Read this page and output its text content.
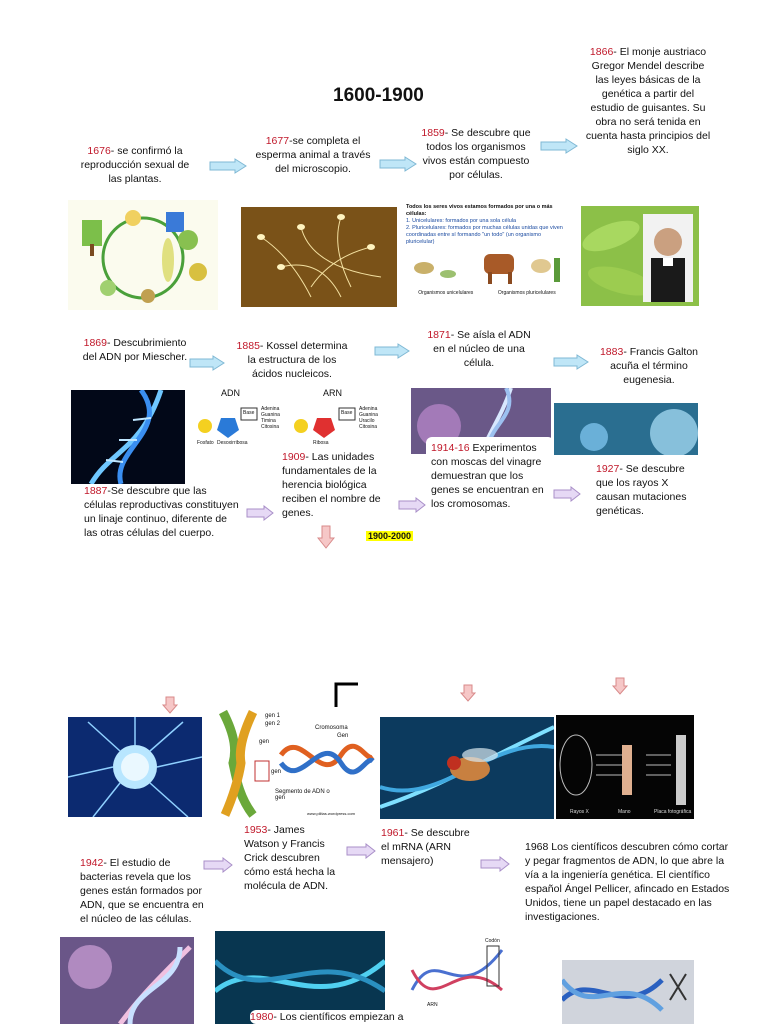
1600-1900
1900-2000
1676- se confirmó la reproducción sexual de las plantas.
1677-se completa el esperma animal a través del microscopio.
1859- Se descubre que todos los organismos vivos están compuesto por células.
1866- El monje austriaco Gregor Mendel describe las leyes básicas de la genética a partir del estudio de guisantes. Su obra no será tenida en cuenta hasta principios del siglo XX.
Todos los seres vivos estamos formados por una o más células:
1. Unicelulares: formados por una sola célula
2. Pluricelulares: formados por muchas células unidas que viven coordinadas entre sí formando "un todo" (un organismo pluricelular)
Organismos unicelulares	Organismos pluricelulares
1869- Descubrimiento del ADN por Miescher.
1885- Kossel determina la estructura de los ácidos nucleicos.
1871- Se aísla el ADN en el núcleo de una célula.
1883- Francis Galton acuña el término eugenesia.
ADN	ARN
Base	Base
Fosfato Desoxirribosa	Ribosa
Adenina
Guanina
Timina
Citosina
Adenina
Guanina
Uracilo
Citosina
1887-Se descubre que las células reproductivas constituyen un linaje continuo, diferente de las otras células del cuerpo.
1909- Las unidades fundamentales de la herencia biológica reciben el nombre de genes.
1914-16 Experimentos con moscas del vinagre demuestran que los genes se encuentran en los cromosomas.
1927- Se descubre que los rayos X causan mutaciones genéticas.
gen 1
gen 2
gen
gen
Cromosoma
Gen
Segmento de ADN o gen
www.pilitas.wordpress.com	Rayos X	Mano	Placa fotográfica
1942- El estudio de bacterias revela que los genes están formados por ADN, que se encuentra en el núcleo de las células.
1953- James Watson y Francis Crick descubren cómo está hecha la molécula de ADN.
1961- Se descubre el mRNA (ARN mensajero)
1968 Los científicos descubren cómo cortar y pegar fragmentos de ADN, lo que abre la vía a la ingeniería genética. El científico español Ángel Pellicer, afincado en Estados Unidos, tiene un papel destacado en las investigaciones.
1980- Los científicos empiezan a
Codón
ARN
